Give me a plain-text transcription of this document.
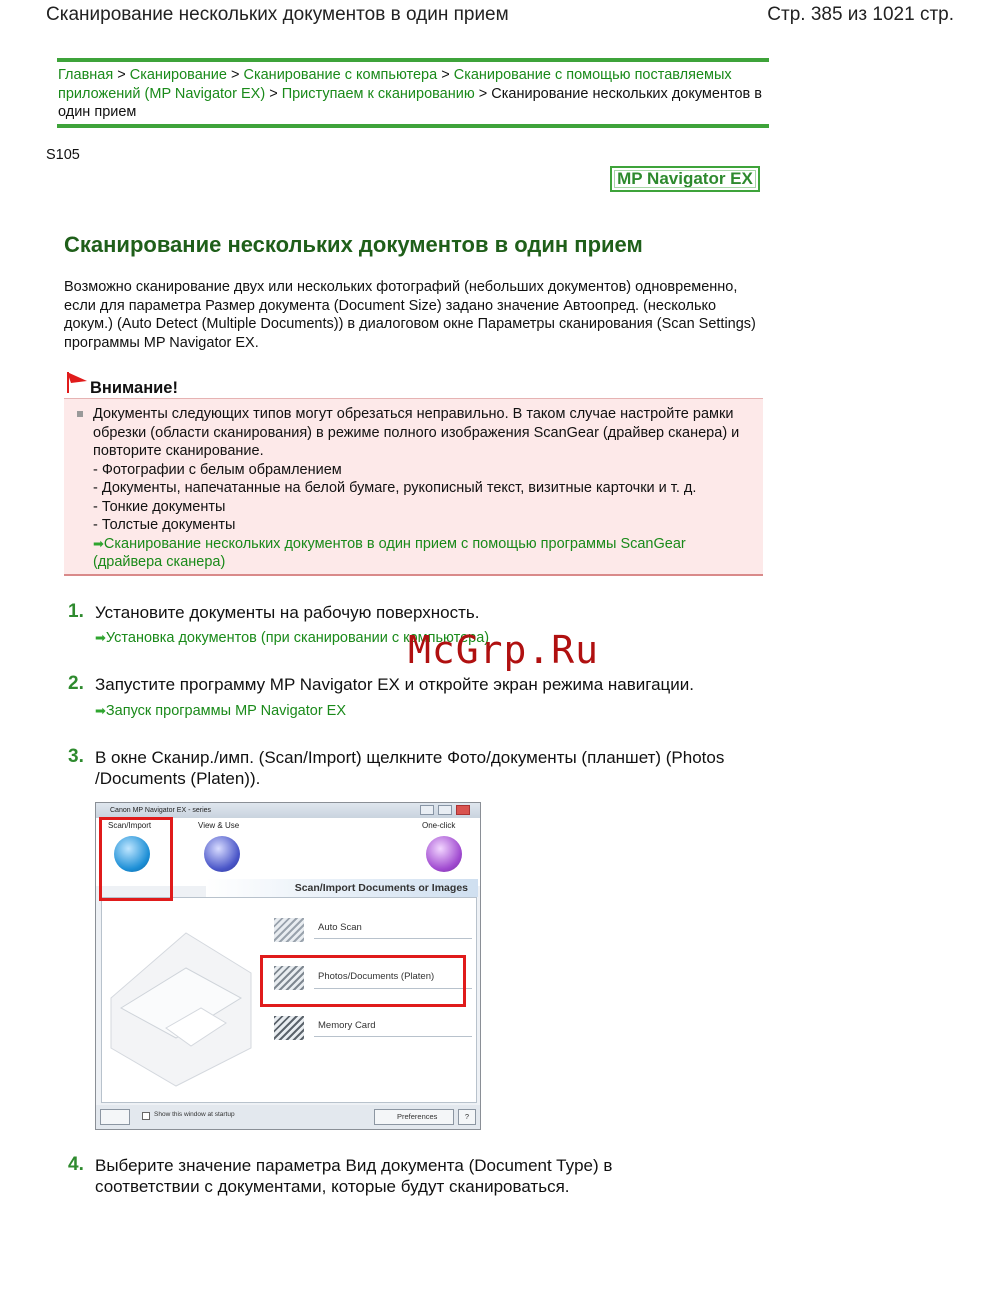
Сканирование нескольких документов в один прием	Стр. 385 из 1021 стр.
Главная > Сканирование > Сканирование с компьютера > Сканирование с помощью поставляемых приложений (MP Navigator EX) > Приступаем к сканированию > Сканирование нескольких документов в один прием
S105
MP Navigator EX
Сканирование нескольких документов в один прием
Возможно сканирование двух или нескольких фотографий (небольших документов) одновременно, если для параметра Размер документа (Document Size) задано значение Автоопред. (несколько докум.) (Auto Detect (Multiple Documents)) в диалоговом окне Параметры сканирования (Scan Settings) программы MP Navigator EX.
Внимание!
Документы следующих типов могут обрезаться неправильно. В таком случае настройте рамки обрезки (области сканирования) в режиме полного изображения ScanGear (драйвер сканера) и повторите сканирование.
- Фотографии с белым обрамлением
- Документы, напечатанные на белой бумаге, рукописный текст, визитные карточки и т. д.
- Тонкие документы
- Толстые документы
➡Сканирование нескольких документов в один прием с помощью программы ScanGear (драйвера сканера)
1. Установите документы на рабочую поверхность.
➡Установка документов (при сканировании с компьютера)
2. Запустите программу MP Navigator EX и откройте экран режима навигации.
➡Запуск программы MP Navigator EX
3. В окне Сканир./имп. (Scan/Import) щелкните Фото/документы (планшет) (Photos /Documents (Platen)).
Canon MP Navigator EX - series
Scan/Import	View & Use	One-click
Scan/Import Documents or Images
Auto Scan
Photos/Documents (Platen)
Memory Card
Show this window at startup	Preferences	?
4. Выберите значение параметра Вид документа (Document Type) в соответствии с документами, которые будут сканироваться.
McGrp.Ru
